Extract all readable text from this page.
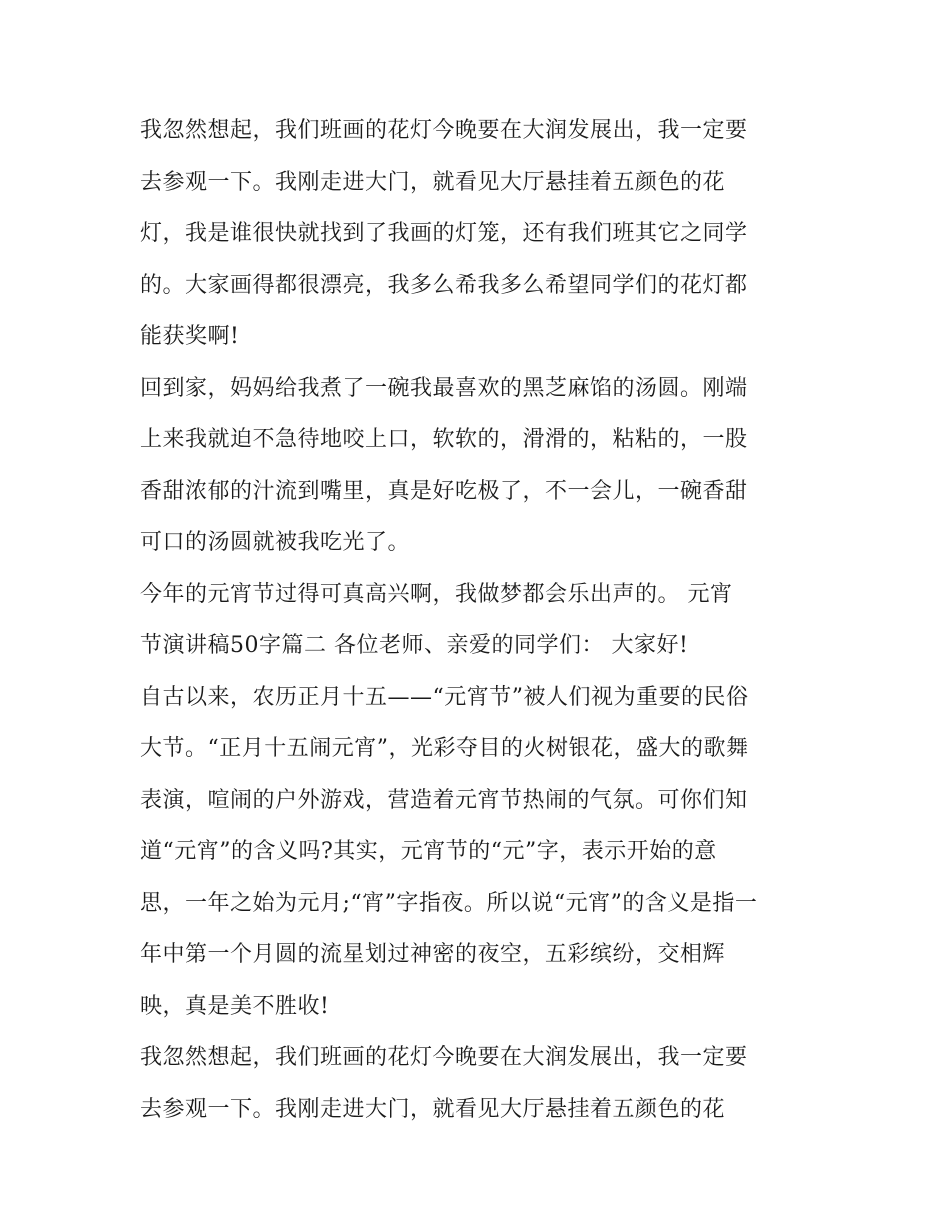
我忽然想起，我们班画的花灯今晚要在大润发展出，我一定要
去参观一下。我刚走进大门，就看见大厅悬挂着五颜色的花
灯，我是谁很快就找到了我画的灯笼，还有我们班其它之同学
的。大家画得都很漂亮，我多么希我多么希望同学们的花灯都
能获奖啊!
回到家，妈妈给我煮了一碗我最喜欢的黑芝麻馅的汤圆。刚端
上来我就迫不急待地咬上口，软软的，滑滑的，粘粘的，一股
香甜浓郁的汁流到嘴里，真是好吃极了，不一会儿，一碗香甜
可口的汤圆就被我吃光了。
今年的元宵节过得可真高兴啊，我做梦都会乐出声的。 元宵
节演讲稿50字篇二 各位老师、亲爱的同学们： 大家好!
自古以来，农历正月十五——“元宵节”被人们视为重要的民俗
大节。“正月十五闹元宵”，光彩夺目的火树银花，盛大的歌舞
表演，喧闹的户外游戏，营造着元宵节热闹的气氛。可你们知
道“元宵”的含义吗?其实，元宵节的“元”字，表示开始的意
思，一年之始为元月;“宵”字指夜。所以说“元宵”的含义是指一
年中第一个月圆的流星划过神密的夜空，五彩缤纷，交相辉
映，真是美不胜收!
我忽然想起，我们班画的花灯今晚要在大润发展出，我一定要
去参观一下。我刚走进大门，就看见大厅悬挂着五颜色的花
